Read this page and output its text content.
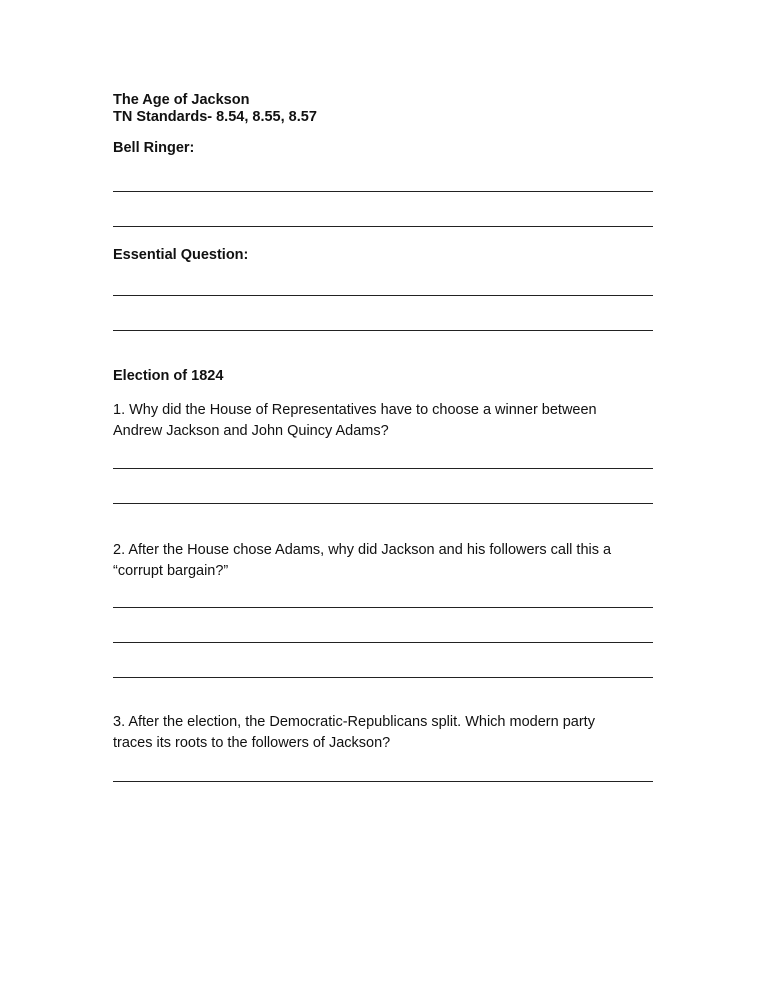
The Age of Jackson
TN Standards- 8.54, 8.55, 8.57
Bell Ringer:
Essential Question:
Election of 1824
1. Why did the House of Representatives have to choose a winner between
Andrew Jackson and John Quincy Adams?
2. After the House chose Adams, why did Jackson and his followers call this a
“corrupt bargain?”
3. After the election, the Democratic-Republicans split. Which modern party
traces its roots to the followers of Jackson?
